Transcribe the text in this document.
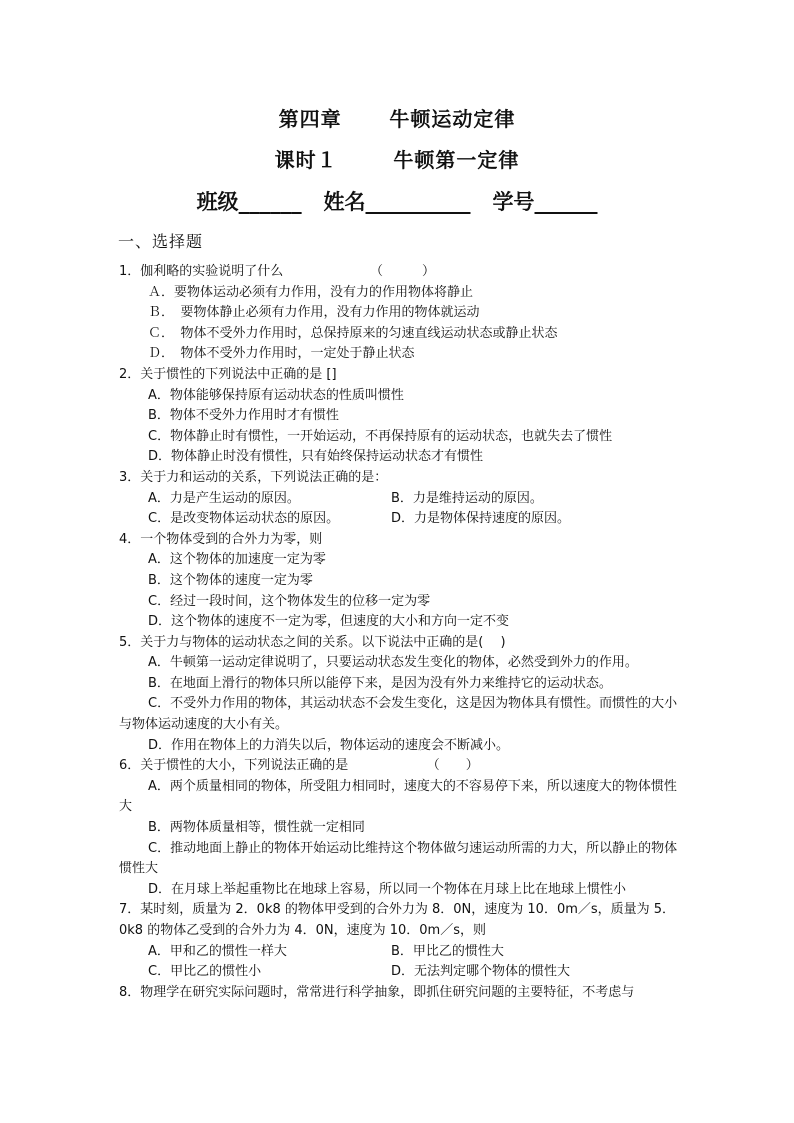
第四章 牛顿运动定律
课时１	牛顿第一定律
班级______ 姓名__________ 学号______
一、选择题
1．伽利略的实验说明了什么                     （　　　）
Ａ．要物体运动必须有力作用，没有力的作用物体将静止
Ｂ．　要物体静止必须有力作用，没有力作用的物体就运动
Ｃ．　物体不受外力作用时，总保持原来的匀速直线运动状态或静止状态
Ｄ．　物体不受外力作用时，一定处于静止状态
2．关于惯性的下列说法中正确的是 []
A．物体能够保持原有运动状态的性质叫惯性
B．物体不受外力作用时才有惯性
C．物体静止时有惯性，一开始运动，不再保持原有的运动状态，也就失去了惯性
D．物体静止时没有惯性，只有始终保持运动状态才有惯性
3．关于力和运动的关系，下列说法正确的是：
A．力是产生运动的原因。	B．力是维持运动的原因。
C．是改变物体运动状态的原因。	D．力是物体保持速度的原因。
4．一个物体受到的合外力为零，则
A．这个物体的加速度一定为零
B．这个物体的速度一定为零
C．经过一段时间，这个物体发生的位移一定为零
D．这个物体的速度不一定为零，但速度的大小和方向一定不变
5．关于力与物体的运动状态之间的关系。以下说法中正确的是(　 )
A．牛顿第一运动定律说明了，只要运动状态发生变化的物体，必然受到外力的作用。
B．在地面上滑行的物体只所以能停下来，是因为没有外力来维持它的运动状态。
C．不受外力作用的物体，其运动状态不会发生变化，这是因为物体具有惯性。而惯性的大小与物体运动速度的大小有关。
D．作用在物体上的力消失以后，物体运动的速度会不断减小。
6．关于惯性的大小，下列说法正确的是                   （　　）
A．两个质量相同的物体，所受阻力相同时，速度大的不容易停下来，所以速度大的物体惯性大
B．两物体质量相等，惯性就一定相同
C．推动地面上静止的物体开始运动比维持这个物体做匀速运动所需的力大，所以静止的物体惯性大
D．在月球上举起重物比在地球上容易，所以同一个物体在月球上比在地球上惯性小
7．某时刻，质量为 2．0k8 的物体甲受到的合外力为 8．0N，速度为 10．0m／s，质量为 5．0k8 的物体乙受到的合外力为 4．0N，速度为 10．0m／s，则
A．甲和乙的惯性一样大	B．甲比乙的惯性大
C．甲比乙的惯性小	D．无法判定哪个物体的惯性大
8．物理学在研究实际问题时，常常进行科学抽象，即抓住研究问题的主要特征，不考虑与
